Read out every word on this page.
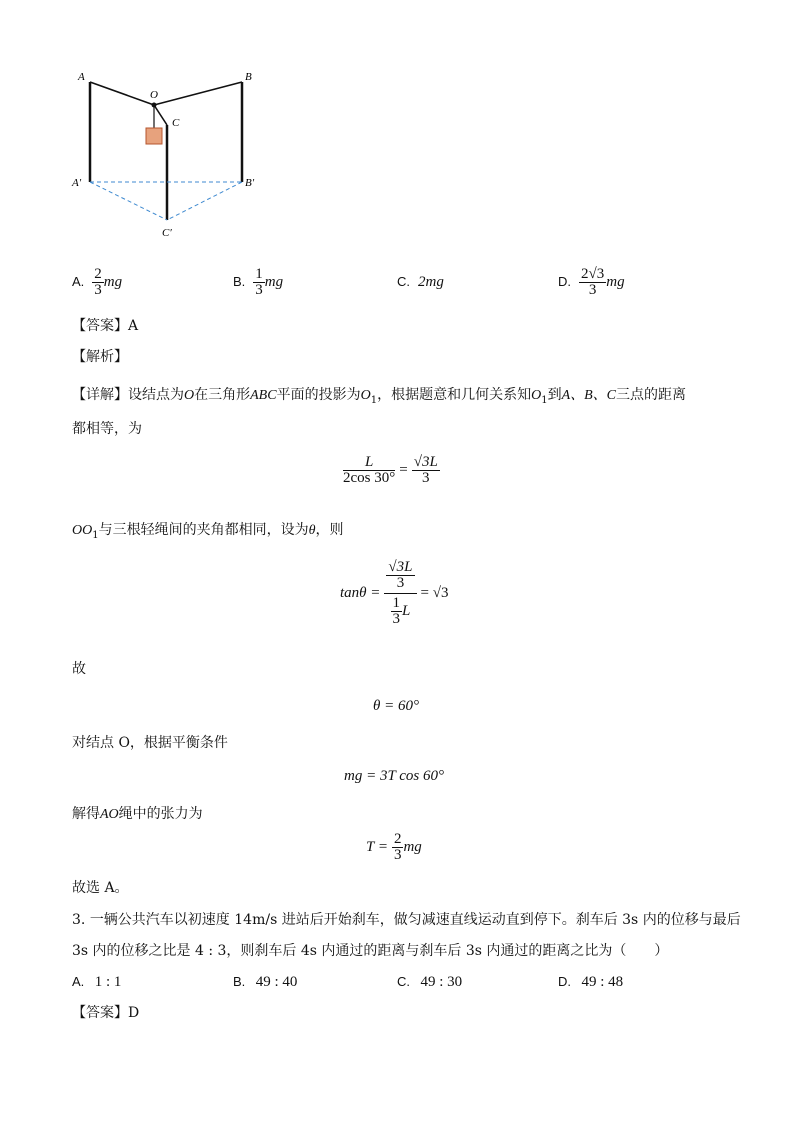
A	B
O
C
A′	B′
C′
A. $\frac{2}{3}$ mg	B. $\frac{1}{3}$ mg	C. 2mg	D. $\frac{2√3}{3}$ mg
【答案】A
【解析】
【详解】设结点为O在三角形ABC平面的投影为$O_1$，根据题意和几何关系知$O_1$到A、B、C三点的距离
都相等，为
$\frac{L}{2\cos 30^\circ} = \frac{√3L}{3}$
$OO_1$与三根轻绳间的夹角都相同，设为θ，则
$\tan\theta = \frac{\frac{√3L}{3}}{\frac{1}{3} L} = √3$
故
θ = 60°
对结点 O，根据平衡条件
mg = 3T cos 60°
解得AO绳中的张力为
$T = \frac{2}{3}$ mg
故选 A。
3. 一辆公共汽车以初速度 14m/s 进站后开始刹车，做匀减速直线运动直到停下。刹车后 3s 内的位移与最后
3s 内的位移之比是 4 : 3，则刹车后 4s 内通过的距离与刹车后 3s 内通过的距离之比为（　　）
A. 1 : 1	B. 49 : 40	C. 49 : 30	D. 49 : 48
【答案】D
